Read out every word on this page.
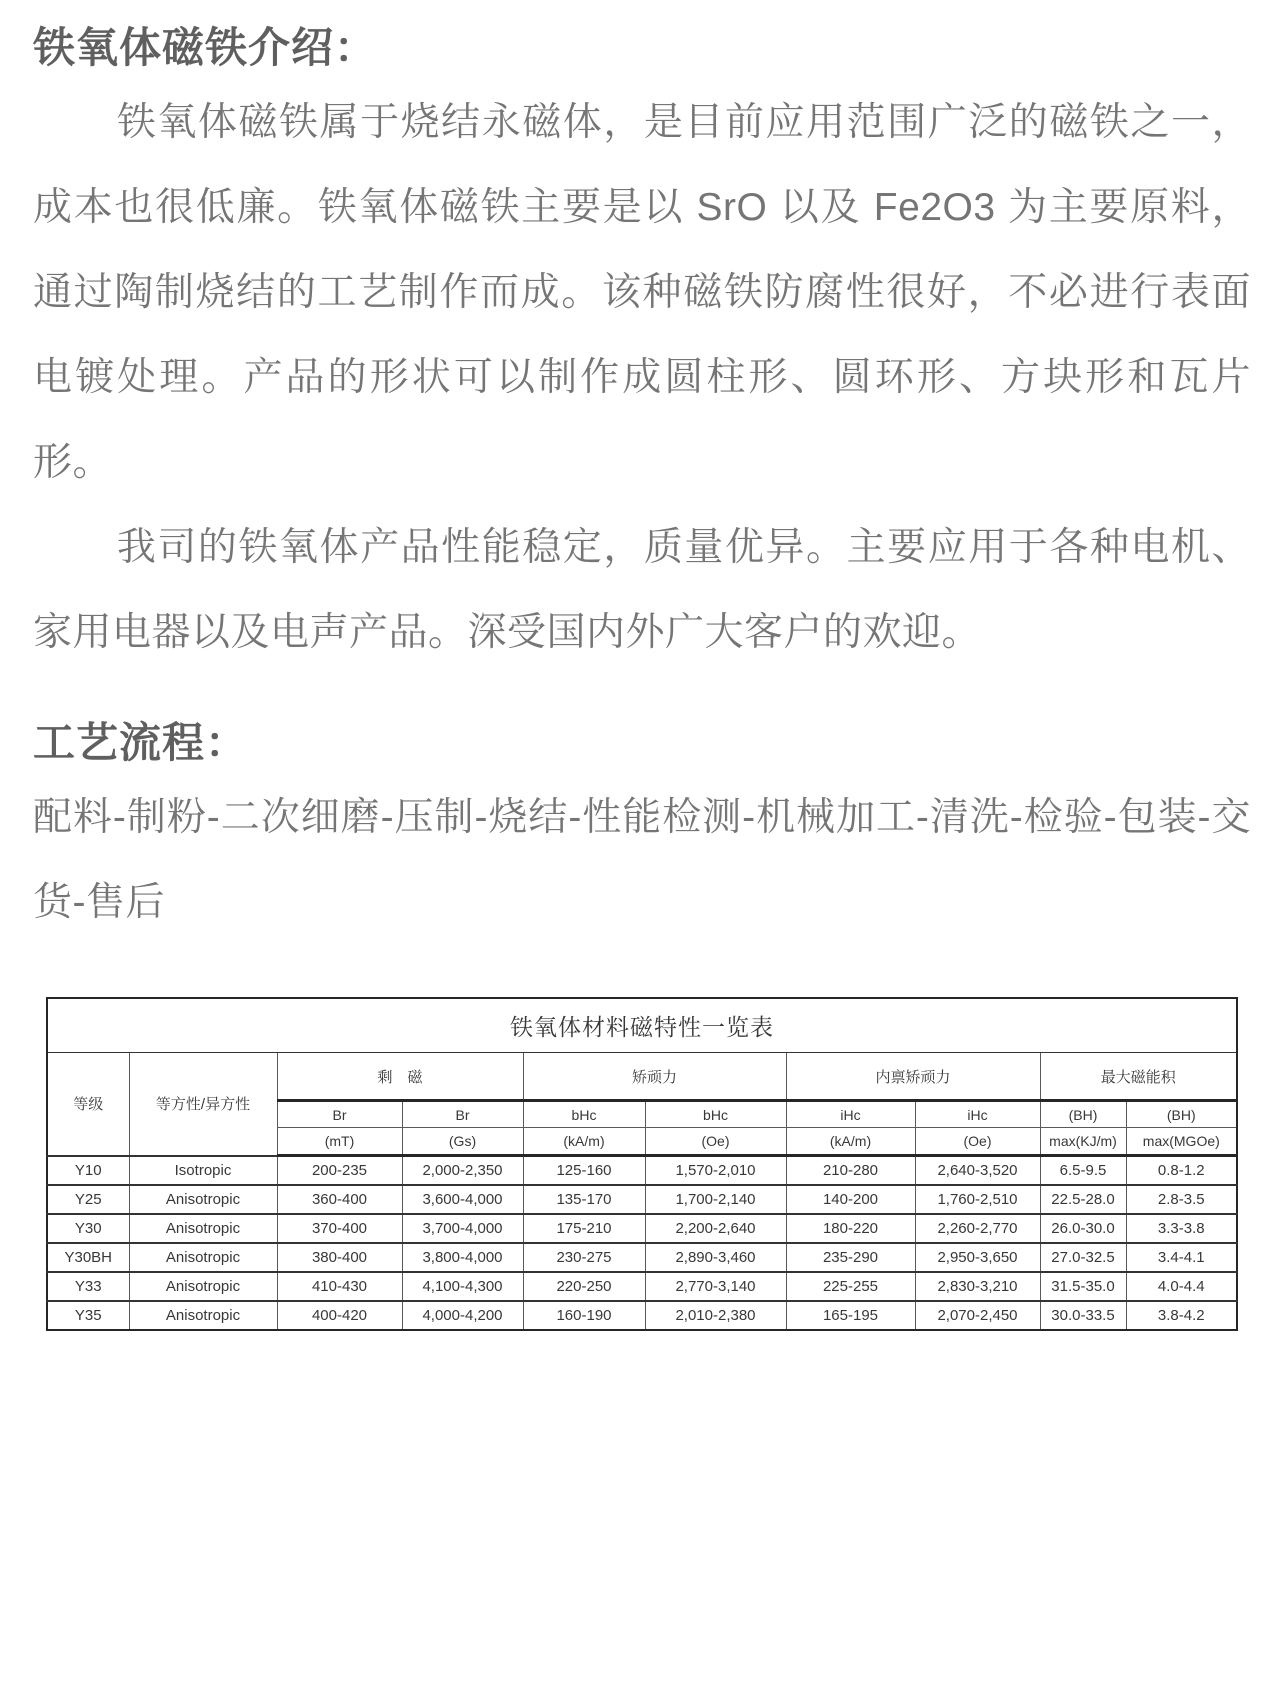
铁氧体磁铁介绍：

铁氧体磁铁属于烧结永磁体，是目前应用范围广泛的磁铁之一，成本也很低廉。铁氧体磁铁主要是以 SrO 以及 Fe2O3 为主要原料，通过陶制烧结的工艺制作而成。该种磁铁防腐性很好，不必进行表面电镀处理。产品的形状可以制作成圆柱形、圆环形、方块形和瓦片形。

我司的铁氧体产品性能稳定，质量优异。主要应用于各种电机、家用电器以及电声产品。深受国内外广大客户的欢迎。

工艺流程：

配料-制粉-二次细磨-压制-烧结-性能检测-机械加工-清洗-检验-包装-交货-售后

铁氧体材料磁特性一览表									
等级	等方性/异方性	剩　磁		矫顽力		内禀矫顽力		最大磁能积	
		Br	Br	bHc	bHc	iHc	iHc	(BH)	(BH)
		(mT)	(Gs)	(kA/m)	(Oe)	(kA/m)	(Oe)	max(KJ/m)	max(MGOe)
Y10	Isotropic	200-235	2,000-2,350	125-160	1,570-2,010	210-280	2,640-3,520	6.5-9.5	0.8-1.2
Y25	Anisotropic	360-400	3,600-4,000	135-170	1,700-2,140	140-200	1,760-2,510	22.5-28.0	2.8-3.5
Y30	Anisotropic	370-400	3,700-4,000	175-210	2,200-2,640	180-220	2,260-2,770	26.0-30.0	3.3-3.8
Y30BH	Anisotropic	380-400	3,800-4,000	230-275	2,890-3,460	235-290	2,950-3,650	27.0-32.5	3.4-4.1
Y33	Anisotropic	410-430	4,100-4,300	220-250	2,770-3,140	225-255	2,830-3,210	31.5-35.0	4.0-4.4
Y35	Anisotropic	400-420	4,000-4,200	160-190	2,010-2,380	165-195	2,070-2,450	30.0-33.5	3.8-4.2
